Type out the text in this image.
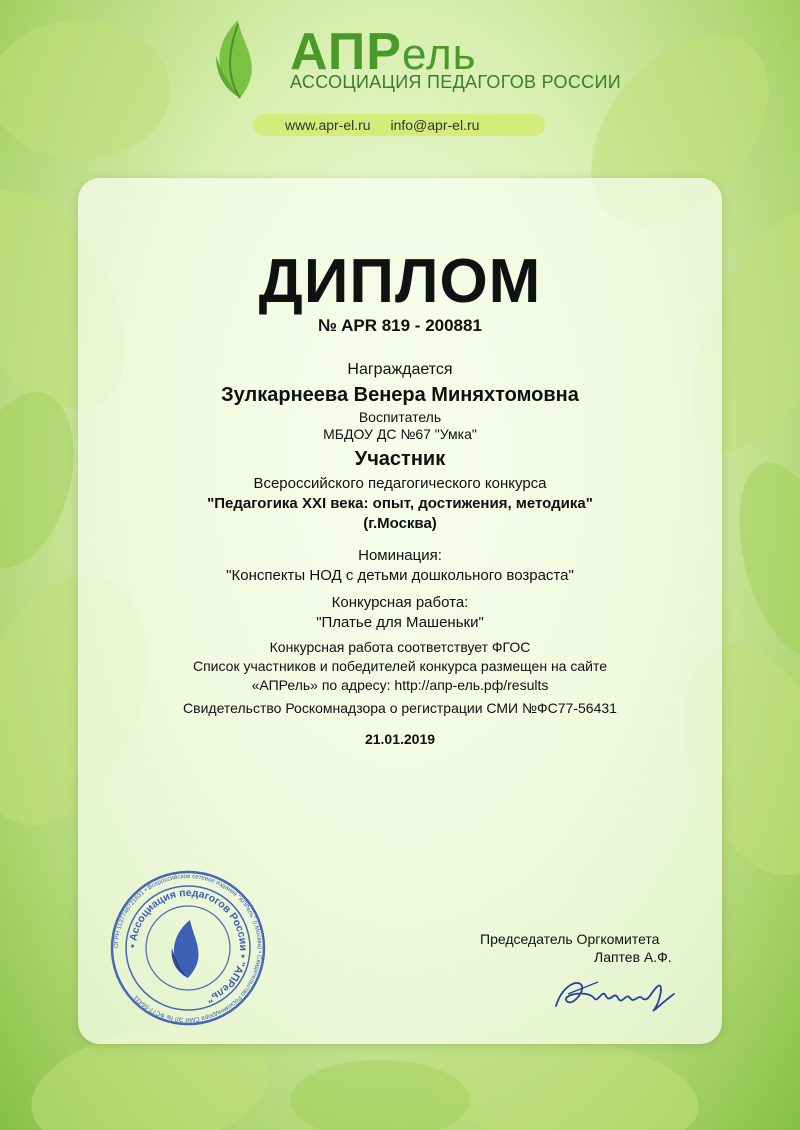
АПРель
АССОЦИАЦИЯ ПЕДАГОГОВ РОССИИ
www.apr-el.ru info@apr-el.ru
ДИПЛОМ
№ APR 819 - 200881
Награждается
Зулкарнеева Венера Миняхтомовна
Воспитатель
МБДОУ ДС №67 "Умка"
Участник
Всероссийского педагогического конкурса
"Педагогика XXI века: опыт, достижения, методика"
(г.Москва)
Номинация:
"Конспекты НОД с детьми дошкольного возраста"
Конкурсная работа:
"Платье для Машеньки"
Конкурсная работа соответствует ФГОС
Список участников и победителей конкурса размещен на сайте
«АПРель» по адресу: http://апр-ель.рф/results
Свидетельство Роскомнадзора о регистрации СМИ №ФС77-56431
21.01.2019
ОГРН 1137746721631 • Всероссийское сетевое издание "АПРель" (г.Москва) • Свидетельство Роскомнадзора СМИ ЭЛ № ФС77-56431
• Ассоциация педагогов России • "АПРель"
Председатель Оргкомитета
Лаптев А.Ф.
